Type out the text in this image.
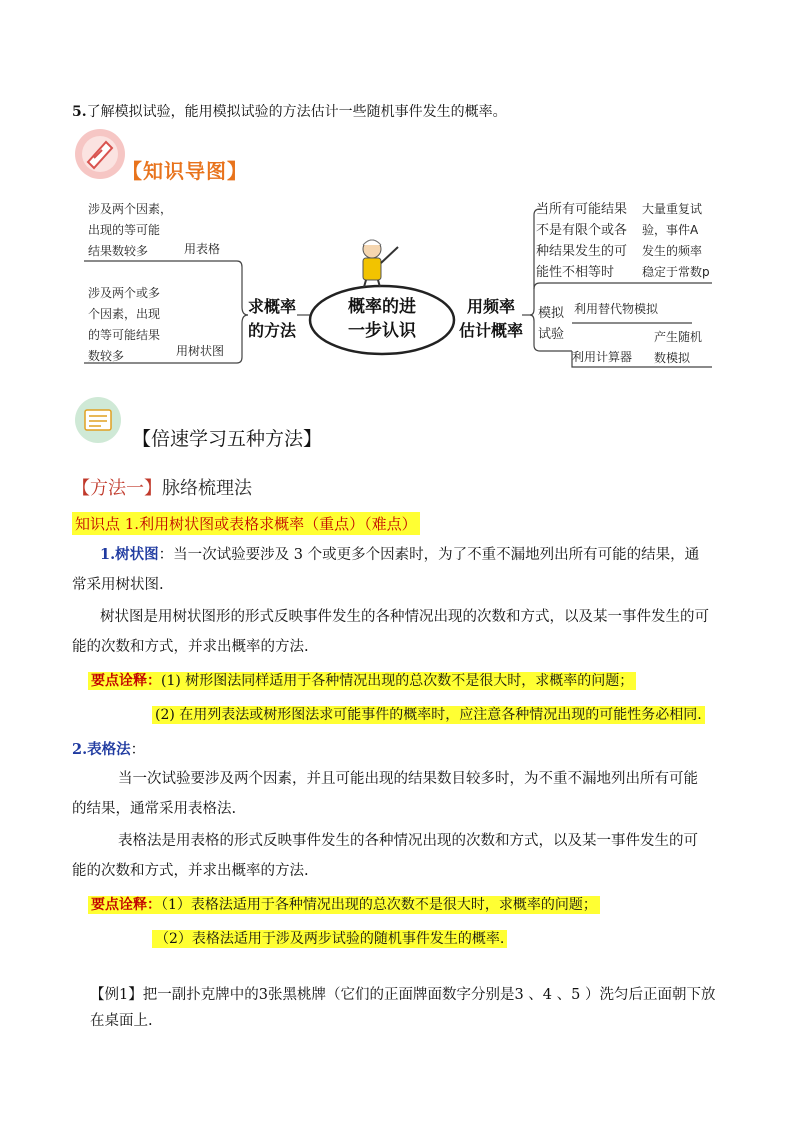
5.了解模拟试验，能用模拟试验的方法估计一些随机事件发生的概率。
【知识导图】
概率的进
一步认识
求概率
的方法
用频率
估计概率
涉及两个因素，
出现的等可能
结果数较多	用表格
涉及两个或多
个因素，出现
的等可能结果
数较多	用树状图
当所有可能结果
不是有限个或各
种结果发生的可
能性不相等时
大量重复试
验，事件A
发生的频率
稳定于常数p
模拟
试验
利用替代物模拟
利用计算器
产生随机
数模拟
【倍速学习五种方法】
【方法一】脉络梳理法
知识点 1.利用树状图或表格求概率（重点）（难点）
1.树状图：当一次试验要涉及 3 个或更多个因素时，为了不重不漏地列出所有可能的结果，通常采用树状图.
树状图是用树状图形的形式反映事件发生的各种情况出现的次数和方式，以及某一事件发生的可能的次数和方式，并求出概率的方法.
要点诠释：(1) 树形图法同样适用于各种情况出现的总次数不是很大时，求概率的问题；
(2) 在用列表法或树形图法求可能事件的概率时，应注意各种情况出现的可能性务必相同.
2.表格法：
当一次试验要涉及两个因素，并且可能出现的结果数目较多时，为不重不漏地列出所有可能的结果，通常采用表格法.
表格法是用表格的形式反映事件发生的各种情况出现的次数和方式，以及某一事件发生的可能的次数和方式，并求出概率的方法.
要点诠释：（1）表格法适用于各种情况出现的总次数不是很大时，求概率的问题；
（2）表格法适用于涉及两步试验的随机事件发生的概率.
【例1】把一副扑克牌中的3张黑桃牌（它们的正面牌面数字分别是3 、4 、5 ）洗匀后正面朝下放在桌面上.
